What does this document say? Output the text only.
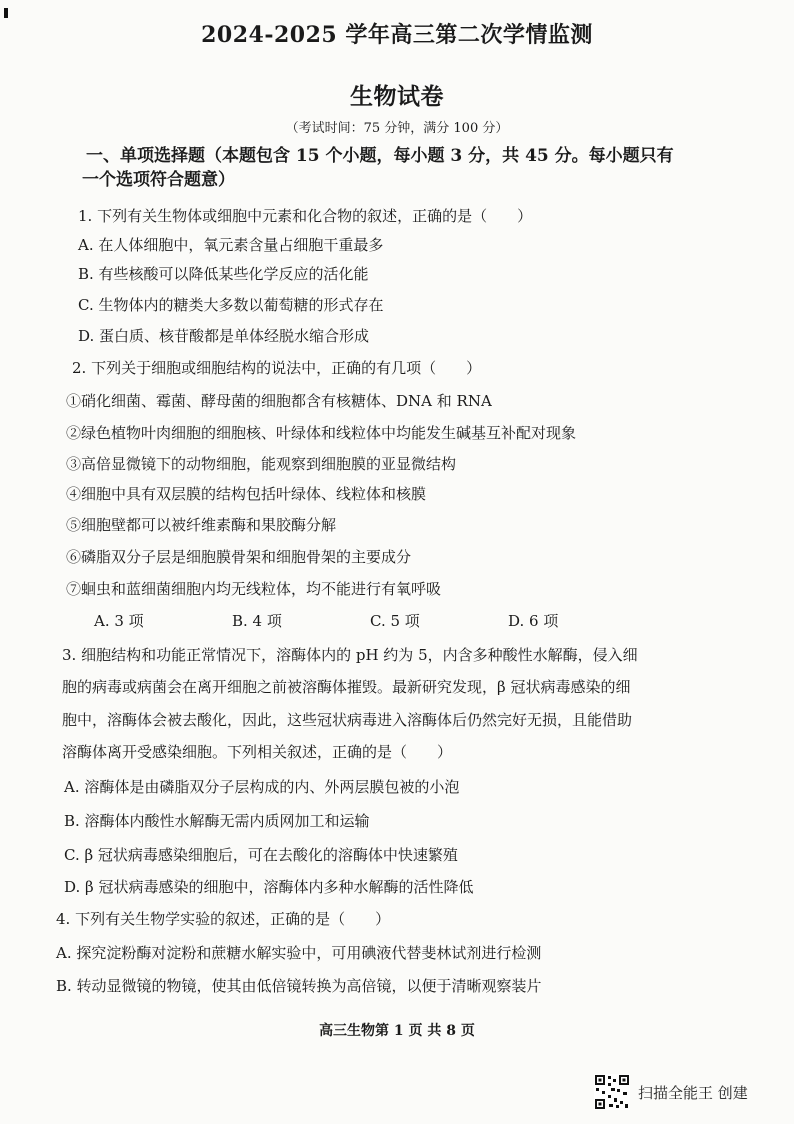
2024-2025 学年高三第二次学情监测
生物试卷
（考试时间：75 分钟，满分 100 分）
一、单项选择题（本题包含 15 个小题，每小题 3 分，共 45 分。每小题只有
一个选项符合题意）
1. 下列有关生物体或细胞中元素和化合物的叙述，正确的是（　　）
A. 在人体细胞中，氧元素含量占细胞干重最多
B. 有些核酸可以降低某些化学反应的活化能
C. 生物体内的糖类大多数以葡萄糖的形式存在
D. 蛋白质、核苷酸都是单体经脱水缩合形成
2. 下列关于细胞或细胞结构的说法中，正确的有几项（　　）
①硝化细菌、霉菌、酵母菌的细胞都含有核糖体、DNA 和 RNA
②绿色植物叶肉细胞的细胞核、叶绿体和线粒体中均能发生碱基互补配对现象
③高倍显微镜下的动物细胞，能观察到细胞膜的亚显微结构
④细胞中具有双层膜的结构包括叶绿体、线粒体和核膜
⑤细胞壁都可以被纤维素酶和果胶酶分解
⑥磷脂双分子层是细胞膜骨架和细胞骨架的主要成分
⑦蛔虫和蓝细菌细胞内均无线粒体，均不能进行有氧呼吸
A. 3 项	B. 4 项	C. 5 项	D. 6 项
3. 细胞结构和功能正常情况下，溶酶体内的 pH 约为 5，内含多种酸性水解酶，侵入细
胞的病毒或病菌会在离开细胞之前被溶酶体摧毁。最新研究发现，β 冠状病毒感染的细
胞中，溶酶体会被去酸化，因此，这些冠状病毒进入溶酶体后仍然完好无损，且能借助
溶酶体离开受感染细胞。下列相关叙述，正确的是（　　）
A. 溶酶体是由磷脂双分子层构成的内、外两层膜包被的小泡
B. 溶酶体内酸性水解酶无需内质网加工和运输
C. β 冠状病毒感染细胞后，可在去酸化的溶酶体中快速繁殖
D. β 冠状病毒感染的细胞中，溶酶体内多种水解酶的活性降低
4. 下列有关生物学实验的叙述，正确的是（　　）
A. 探究淀粉酶对淀粉和蔗糖水解实验中，可用碘液代替斐林试剂进行检测
B. 转动显微镜的物镜，使其由低倍镜转换为高倍镜，以便于清晰观察装片
高三生物第 1 页 共 8 页
扫描全能王 创建
